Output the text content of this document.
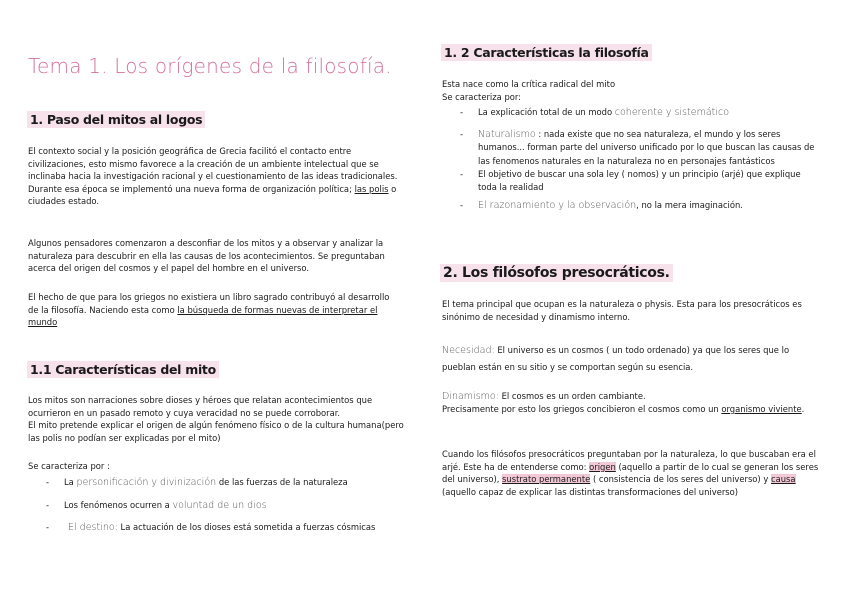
Tema 1. Los orígenes de la filosofía.
1. Paso del mitos al logos

El contexto social y la posición geográfica de Grecia facilitó el contacto entre civilizaciones, esto mismo favorece a la creación de un ambiente intelectual que se inclinaba hacia la investigación racional y el cuestionamiento de las ideas tradicionales.
Durante esa época se implementó una nueva forma de organización política; las polis o ciudades estado.

Algunos pensadores comenzaron a desconfiar de los mitos y a observar y analizar la naturaleza para descubrir en ella las causas de los acontecimientos. Se preguntaban acerca del origen del cosmos y el papel del hombre en el universo.

El hecho de que para los griegos no existiera un libro sagrado contribuyó al desarrollo de la filosofía. Naciendo esta como la búsqueda de formas nuevas de interpretar el mundo

1.1 Características del mito

Los mitos son narraciones sobre dioses y héroes que relatan acontecimientos que ocurrieron en un pasado remoto y cuya veracidad no se puede corroborar.
El mito pretende explicar el origen de algún fenómeno físico o de la cultura humana(pero las polis no podían ser explicadas por el mito)

Se caracteriza por :

- La personificación y divinización de las fuerzas de la naturaleza
- Los fenómenos ocurren a voluntad de un dios
- El destino: La actuación de los dioses está sometida a fuerzas cósmicas
1. 2 Características la filosofía

Esta nace como la crítica radical del mito
Se caracteriza por:

- La explicación total de un modo coherente y sistemático
- Naturalismo : nada existe que no sea naturaleza, el mundo y los seres humanos... forman parte del universo unificado por lo que buscan las causas de las fenomenos naturales en la naturaleza no en personajes fantásticos
- El objetivo de buscar una sola ley ( nomos) y un principio (arjé) que explique toda la realidad
- El razonamiento y la observación, no la mera imaginación.
2. Los filósofos presocráticos.

El tema principal que ocupan es la naturaleza o physis. Esta para los presocráticos es sinónimo de necesidad y dinamismo interno.

Necesidad: El universo es un cosmos ( un todo ordenado) ya que los seres que lo pueblan están en su sitio y se comportan según su esencia.

Dinamismo: El cosmos es un orden cambiante.
Precisamente por esto los griegos concibieron el cosmos como un organismo viviente.

Cuando los filósofos presocráticos preguntaban por la naturaleza, lo que buscaban era el arjé. Este ha de entenderse como: origen (aquello a partir de lo cual se generan los seres del universo), sustrato permanente ( consistencia de los seres del universo) y causa (aquello capaz de explicar las distintas transformaciones del universo)
